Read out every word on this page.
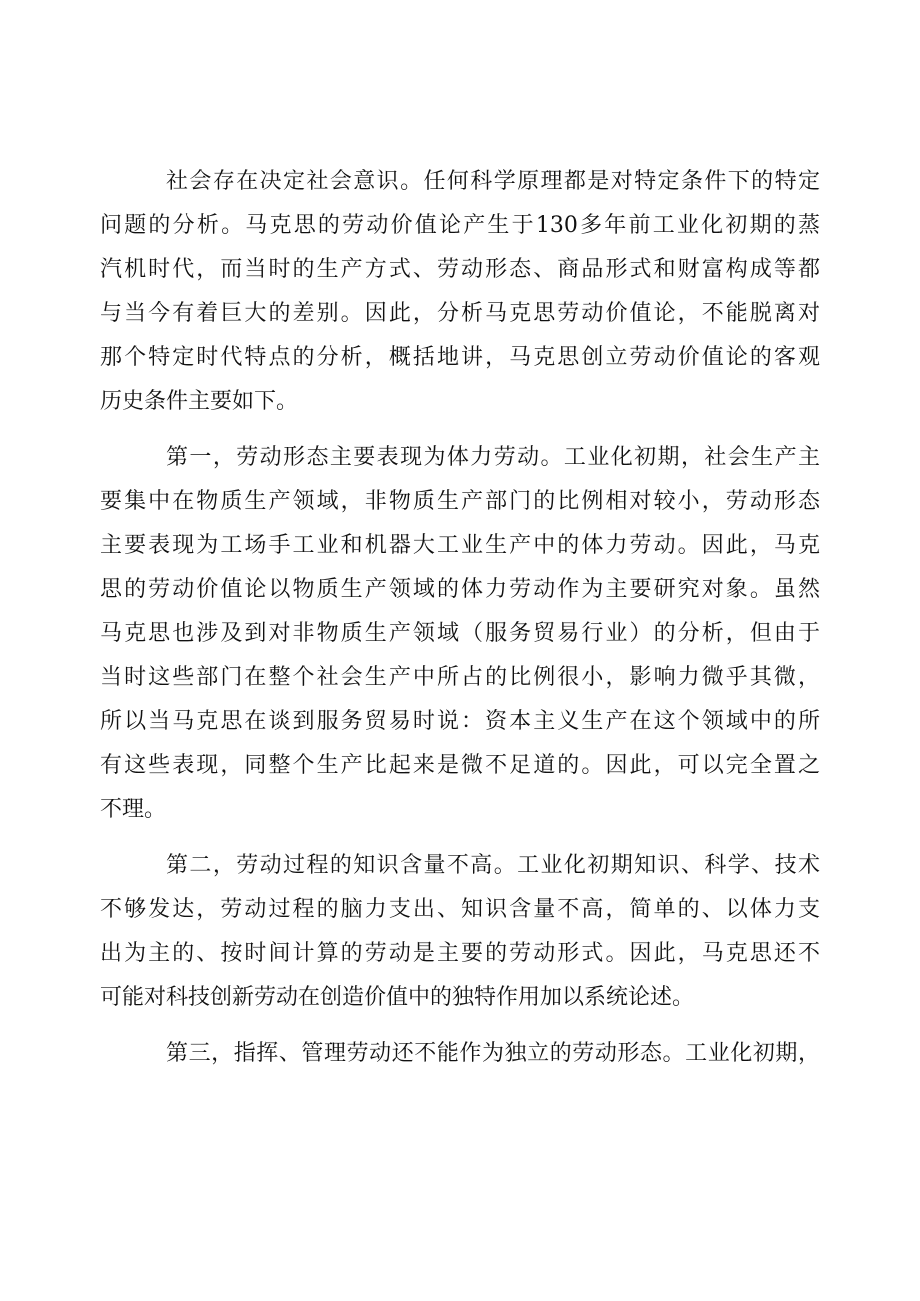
社会存在决定社会意识。任何科学原理都是对特定条件下的特定
问题的分析。马克思的劳动价值论产生于130多年前工业化初期的蒸
汽机时代，而当时的生产方式、劳动形态、商品形式和财富构成等都
与当今有着巨大的差别。因此，分析马克思劳动价值论，不能脱离对
那个特定时代特点的分析，概括地讲，马克思创立劳动价值论的客观
历史条件主要如下。
第一，劳动形态主要表现为体力劳动。工业化初期，社会生产主
要集中在物质生产领域，非物质生产部门的比例相对较小，劳动形态
主要表现为工场手工业和机器大工业生产中的体力劳动。因此，马克
思的劳动价值论以物质生产领域的体力劳动作为主要研究对象。虽然
马克思也涉及到对非物质生产领域（服务贸易行业）的分析，但由于
当时这些部门在整个社会生产中所占的比例很小，影响力微乎其微，
所以当马克思在谈到服务贸易时说：资本主义生产在这个领域中的所
有这些表现，同整个生产比起来是微不足道的。因此，可以完全置之
不理。
第二，劳动过程的知识含量不高。工业化初期知识、科学、技术
不够发达，劳动过程的脑力支出、知识含量不高，简单的、以体力支
出为主的、按时间计算的劳动是主要的劳动形式。因此，马克思还不
可能对科技创新劳动在创造价值中的独特作用加以系统论述。
第三，指挥、管理劳动还不能作为独立的劳动形态。工业化初期，
